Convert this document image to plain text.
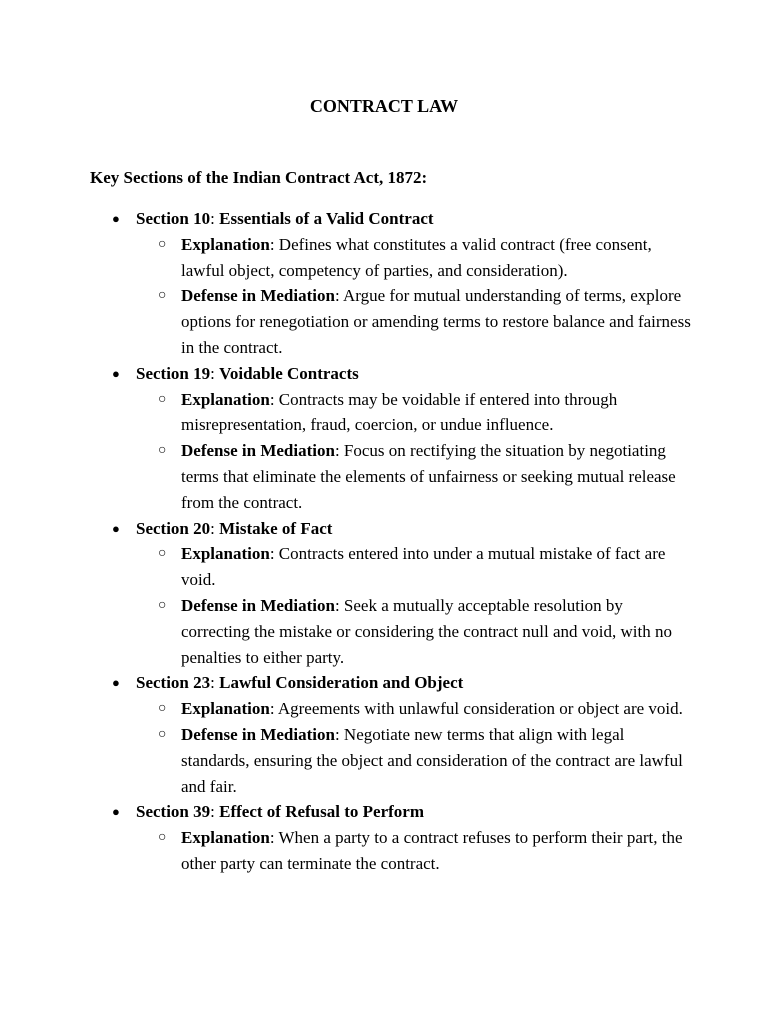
CONTRACT LAW
Key Sections of the Indian Contract Act, 1872:
● Section 10: Essentials of a Valid Contract
○ Explanation: Defines what constitutes a valid contract (free consent, lawful object, competency of parties, and consideration).
○ Defense in Mediation: Argue for mutual understanding of terms, explore options for renegotiation or amending terms to restore balance and fairness in the contract.
● Section 19: Voidable Contracts
○ Explanation: Contracts may be voidable if entered into through misrepresentation, fraud, coercion, or undue influence.
○ Defense in Mediation: Focus on rectifying the situation by negotiating terms that eliminate the elements of unfairness or seeking mutual release from the contract.
● Section 20: Mistake of Fact
○ Explanation: Contracts entered into under a mutual mistake of fact are void.
○ Defense in Mediation: Seek a mutually acceptable resolution by correcting the mistake or considering the contract null and void, with no penalties to either party.
● Section 23: Lawful Consideration and Object
○ Explanation: Agreements with unlawful consideration or object are void.
○ Defense in Mediation: Negotiate new terms that align with legal standards, ensuring the object and consideration of the contract are lawful and fair.
● Section 39: Effect of Refusal to Perform
○ Explanation: When a party to a contract refuses to perform their part, the other party can terminate the contract.
